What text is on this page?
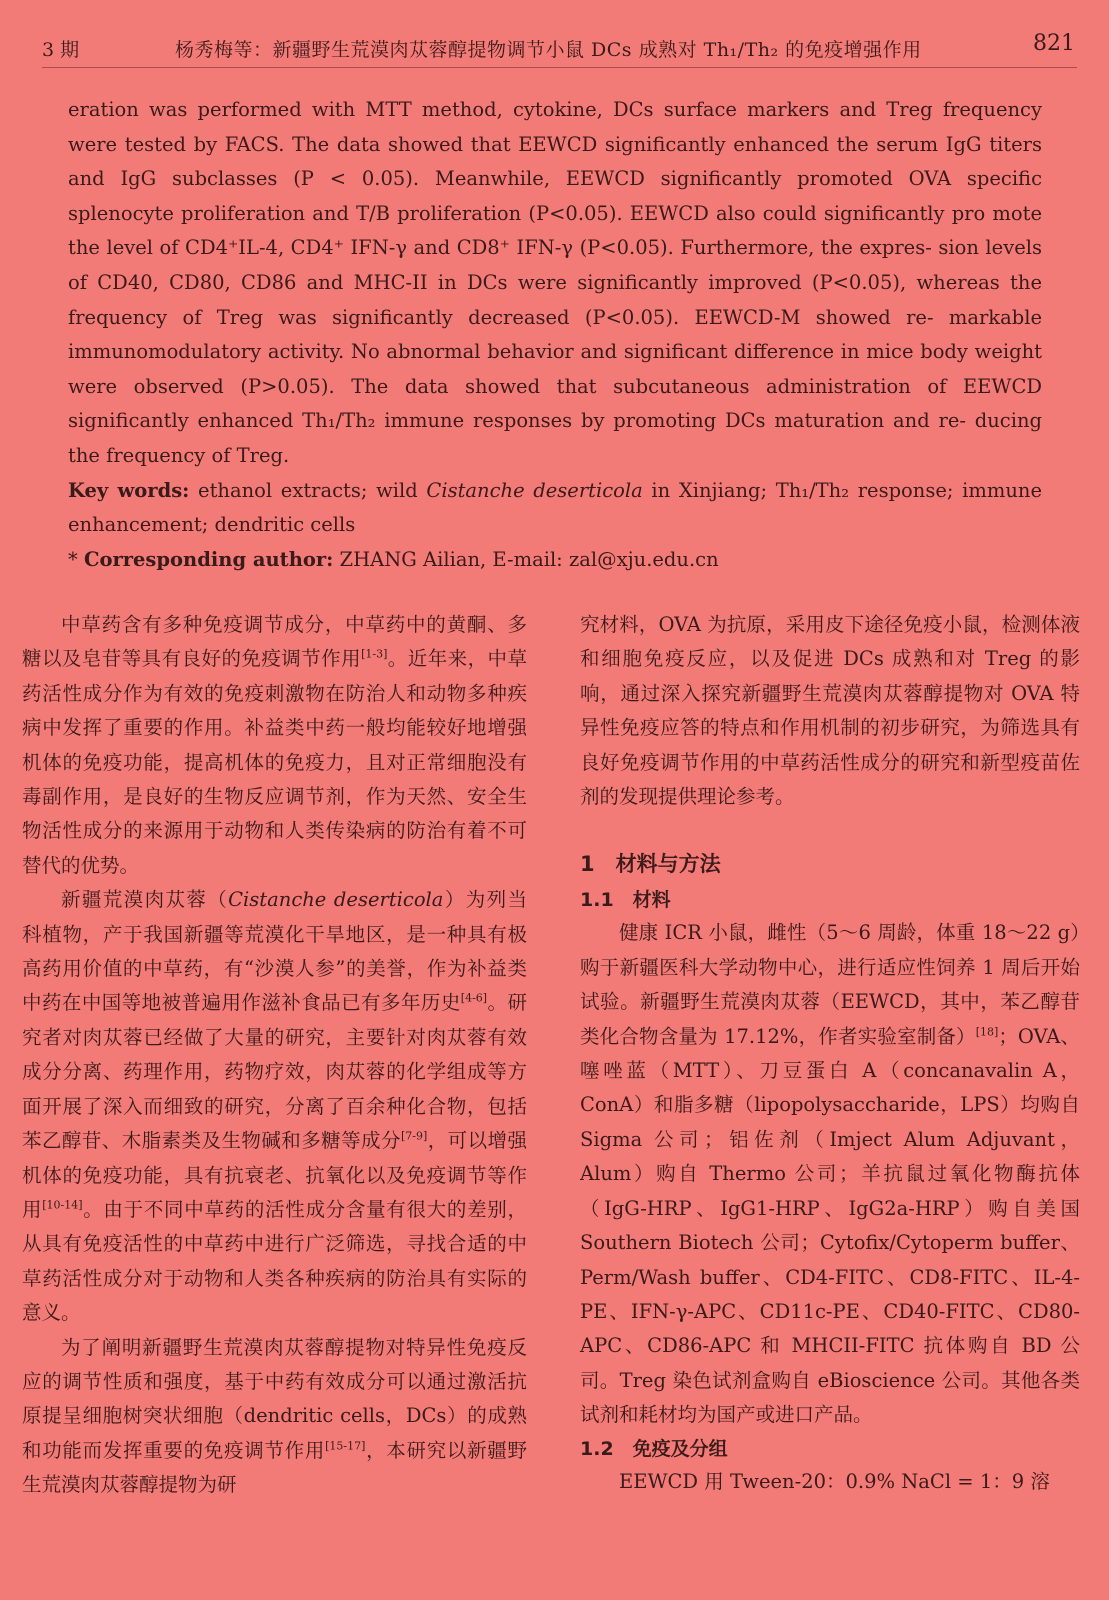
3 期	杨秀梅等：新疆野生荒漠肉苁蓉醇提物调节小鼠 DCs 成熟对 Th₁/Th₂ 的免疫增强作用	821

eration was performed with MTT method, cytokine, DCs surface markers and Treg frequency were tested by FACS. The data showed that EEWCD significantly enhanced the serum IgG titers and IgG subclasses (P < 0.05). Meanwhile, EEWCD significantly promoted OVA specific splenocyte proliferation and T/B proliferation (P<0.05). EEWCD also could significantly pro mote the level of CD4⁺IL-4, CD4⁺ IFN-γ and CD8⁺ IFN-γ (P<0.05). Furthermore, the expres- sion levels of CD40, CD80, CD86 and MHC-II in DCs were significantly improved (P<0.05), whereas the frequency of Treg was significantly decreased (P<0.05). EEWCD-M showed re- markable immunomodulatory activity. No abnormal behavior and significant difference in mice body weight were observed (P>0.05). The data showed that subcutaneous administration of EEWCD significantly enhanced Th₁/Th₂ immune responses by promoting DCs maturation and re- ducing the frequency of Treg.

Key words: ethanol extracts; wild Cistanche deserticola in Xinjiang; Th₁/Th₂ response; immune enhancement; dendritic cells

* Corresponding author: ZHANG Ailian, E-mail: zal@xju.edu.cn

中草药含有多种免疫调节成分，中草药中的黄酮、多糖以及皂苷等具有良好的免疫调节作用[1-3]。近年来，中草药活性成分作为有效的免疫刺激物在防治人和动物多种疾病中发挥了重要的作用。补益类中药一般均能较好地增强机体的免疫功能，提高机体的免疫力，且对正常细胞没有毒副作用，是良好的生物反应调节剂，作为天然、安全生物活性成分的来源用于动物和人类传染病的防治有着不可替代的优势。

新疆荒漠肉苁蓉（Cistanche deserticola）为列当科植物，产于我国新疆等荒漠化干旱地区，是一种具有极高药用价值的中草药，有“沙漠人参”的美誉，作为补益类中药在中国等地被普遍用作滋补食品已有多年历史[4-6]。研究者对肉苁蓉已经做了大量的研究，主要针对肉苁蓉有效成分分离、药理作用，药物疗效，肉苁蓉的化学组成等方面开展了深入而细致的研究，分离了百余种化合物，包括苯乙醇苷、木脂素类及生物碱和多糖等成分[7-9]，可以增强机体的免疫功能，具有抗衰老、抗氧化以及免疫调节等作用[10-14]。由于不同中草药的活性成分含量有很大的差别，从具有免疫活性的中草药中进行广泛筛选，寻找合适的中草药活性成分对于动物和人类各种疾病的防治具有实际的意义。

为了阐明新疆野生荒漠肉苁蓉醇提物对特异性免疫反应的调节性质和强度，基于中药有效成分可以通过激活抗原提呈细胞树突状细胞（dendritic cells，DCs）的成熟和功能而发挥重要的免疫调节作用[15-17]，本研究以新疆野生荒漠肉苁蓉醇提物为研

究材料，OVA 为抗原，采用皮下途径免疫小鼠，检测体液和细胞免疫反应，以及促进 DCs 成熟和对 Treg 的影响，通过深入探究新疆野生荒漠肉苁蓉醇提物对 OVA 特异性免疫应答的特点和作用机制的初步研究，为筛选具有良好免疫调节作用的中草药活性成分的研究和新型疫苗佐剂的发现提供理论参考。

1　材料与方法

1.1　材料

健康 ICR 小鼠，雌性（5～6 周龄，体重 18～22 g）购于新疆医科大学动物中心，进行适应性饲养 1 周后开始试验。新疆野生荒漠肉苁蓉（EEWCD，其中，苯乙醇苷类化合物含量为 17.12%，作者实验室制备）[18]；OVA、噻唑蓝（MTT）、刀豆蛋白 A（concanavalin A，ConA）和脂多糖（lipopolysaccharide，LPS）均购自 Sigma 公司；铝佐剂（Imject Alum Adjuvant，Alum）购自 Thermo 公司；羊抗鼠过氧化物酶抗体（IgG-HRP、IgG1-HRP、IgG2a-HRP）购自美国 Southern Biotech 公司；Cytofix/Cytoperm buffer、Perm/Wash buffer、CD4-FITC、CD8-FITC、IL-4-PE、IFN-γ-APC、CD11c-PE、CD40-FITC、CD80-APC、CD86-APC 和 MHCII-FITC 抗体购自 BD 公司。Treg 染色试剂盒购自 eBioscience 公司。其他各类试剂和耗材均为国产或进口产品。

1.2　免疫及分组

EEWCD 用 Tween-20：0.9% NaCl = 1：9 溶
